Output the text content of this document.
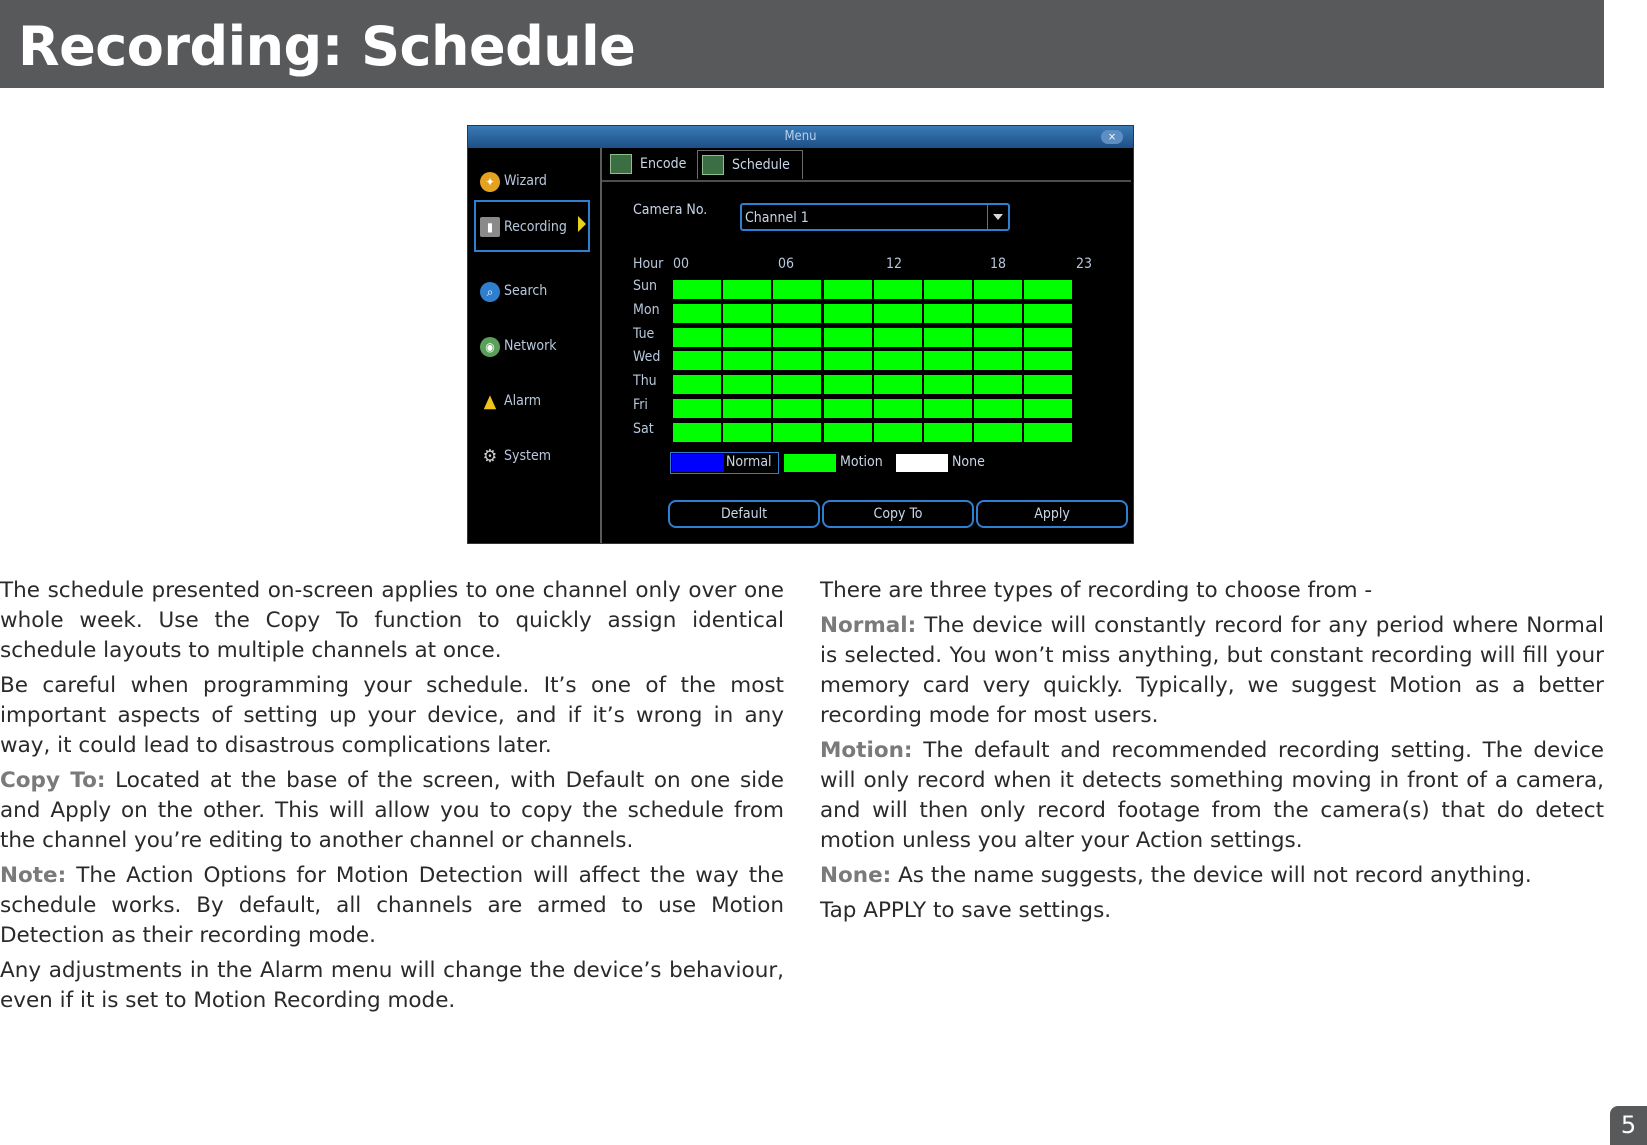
Recording: Schedule
Menu	×
✦ Wizard
▮ Recording
⌕ Search
◉ Network
▲ Alarm
⚙ System
Encode	Schedule
Camera No.	Channel 1
Hour 00	06	12	18	23
Normal	Motion	None
Default	Copy To	Apply
Sun
Mon
Tue
Wed
Thu
Fri
Sat

The schedule presented on-screen applies to one channel only over one whole week. Use the Copy To function to quickly assign identical schedule layouts to multiple channels at once.

Be careful when programming your schedule. It’s one of the most important aspects of setting up your device, and if it’s wrong in any way, it could lead to disastrous complications later.

Copy To: Located at the base of the screen, with Default on one side and Apply on the other. This will allow you to copy the schedule from the channel you’re editing to another channel or channels.

Note: The Action Options for Motion Detection will affect the way the schedule works. By default, all channels are armed to use Motion Detection as their recording mode.

Any adjustments in the Alarm menu will change the device’s behaviour, even if it is set to Motion Recording mode.

There are three types of recording to choose from -

Normal: The device will constantly record for any period where Normal is selected. You won’t miss anything, but constant recording will fill your memory card very quickly. Typically, we suggest Motion as a better recording mode for most users.

Motion: The default and recommended recording setting. The device will only record when it detects something moving in front of a camera, and will then only record footage from the camera(s) that do detect motion unless you alter your Action settings.

None: As the name suggests, the device will not record anything.

Tap APPLY to save settings.

5
